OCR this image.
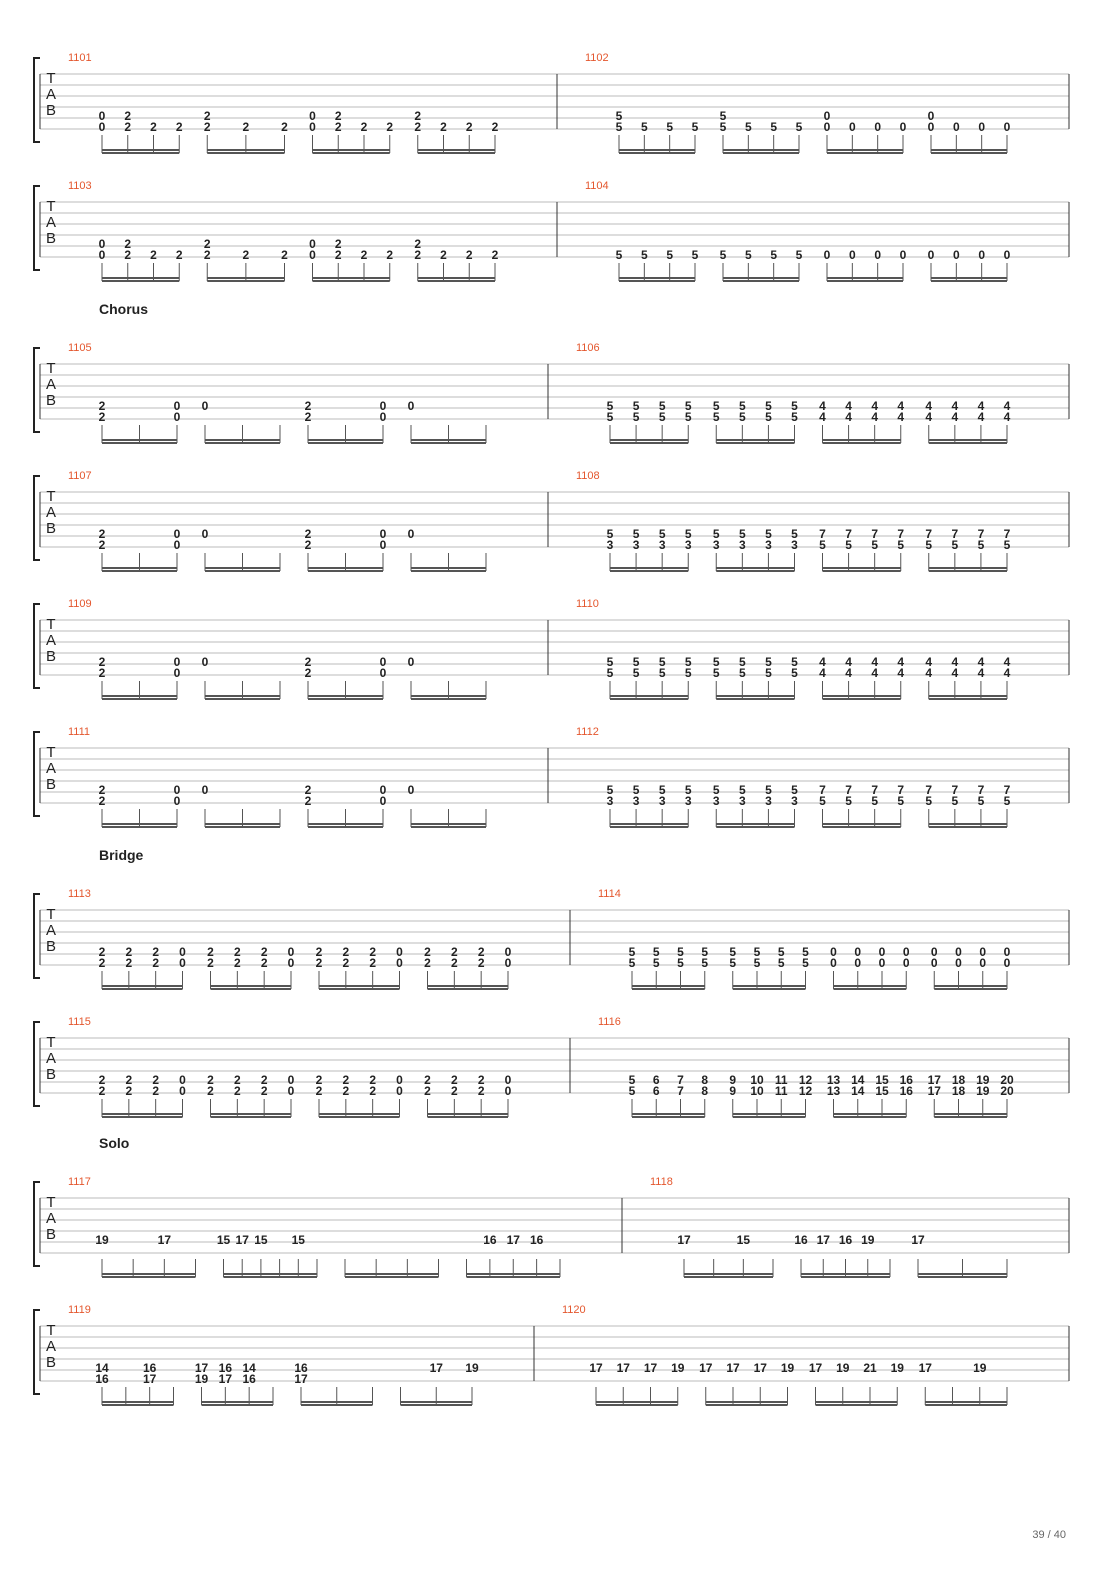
T
A
B
1101
0
0
2
2 2 2
2
2	2	2
0
0
2
2 2 2
2
2 2 2 2
1102
5
5 5 5 5
5
5 5 5 5
0
0 0 0 0
0
0 0 0 0
T
A
B
1103
0
0
2
2 2 2
2
2	2	2
0
0
2
2 2 2
2
2 2 2 2
1104
5 5 5 5 5 5 5 5 0 0 0 0 0 0 0 0
Chorus
T
A
B
1105
2
2
0
0
0	2
2
0
0
0
1106
5
5
5
5
5
5
5
5
5
5
5
5
5
5
5
5
4
4
4
4
4
4
4
4
4
4
4
4
4
4
4
4
T
A
B
1107
2
2
0
0
0	2
2
0
0
0
1108
5
3
5
3
5
3
5
3
5
3
5
3
5
3
5
3
7
5
7
5
7
5
7
5
7
5
7
5
7
5
7
5
T
A
B
1109
2
2
0
0
0	2
2
0
0
0
1110
5
5
5
5
5
5
5
5
5
5
5
5
5
5
5
5
4
4
4
4
4
4
4
4
4
4
4
4
4
4
4
4
T
A
B
1111
2
2
0
0
0	2
2
0
0
0
1112
5
3
5
3
5
3
5
3
5
3
5
3
5
3
5
3
7
5
7
5
7
5
7
5
7
5
7
5
7
5
7
5
Bridge
T
A
B
1113
2
2
2
2
2
2
0
0
2
2
2
2
2
2
0
0
2
2
2
2
2
2
0
0
2
2
2
2
2
2
0
0
1114
5
5
5
5
5
5
5
5
5
5
5
5
5
5
5
5
0
0
0
0
0
0
0
0
0
0
0
0
0
0
0
0
T
A
B
1115
2
2
2
2
2
2
0
0
2
2
2
2
2
2
0
0
2
2
2
2
2
2
0
0
2
2
2
2
2
2
0
0
1116
5
5
6
6
7
7
8
8
9
9
10
10
11
11
12
12
13
13
14
14
15
15
16
16
17
17
18
18
19
19
20
20
Solo
T
A
B
1117
19	17	15 17 15 15	16 17 16
1118
17	15	16 17 16 19	17
T
A
B
1119
14
16
16
17
17
19
16
17
14
16
16
17
17 19
1120
17 17 17 19 17 17 17 19 17 19 21 19 17	19
39 / 40
